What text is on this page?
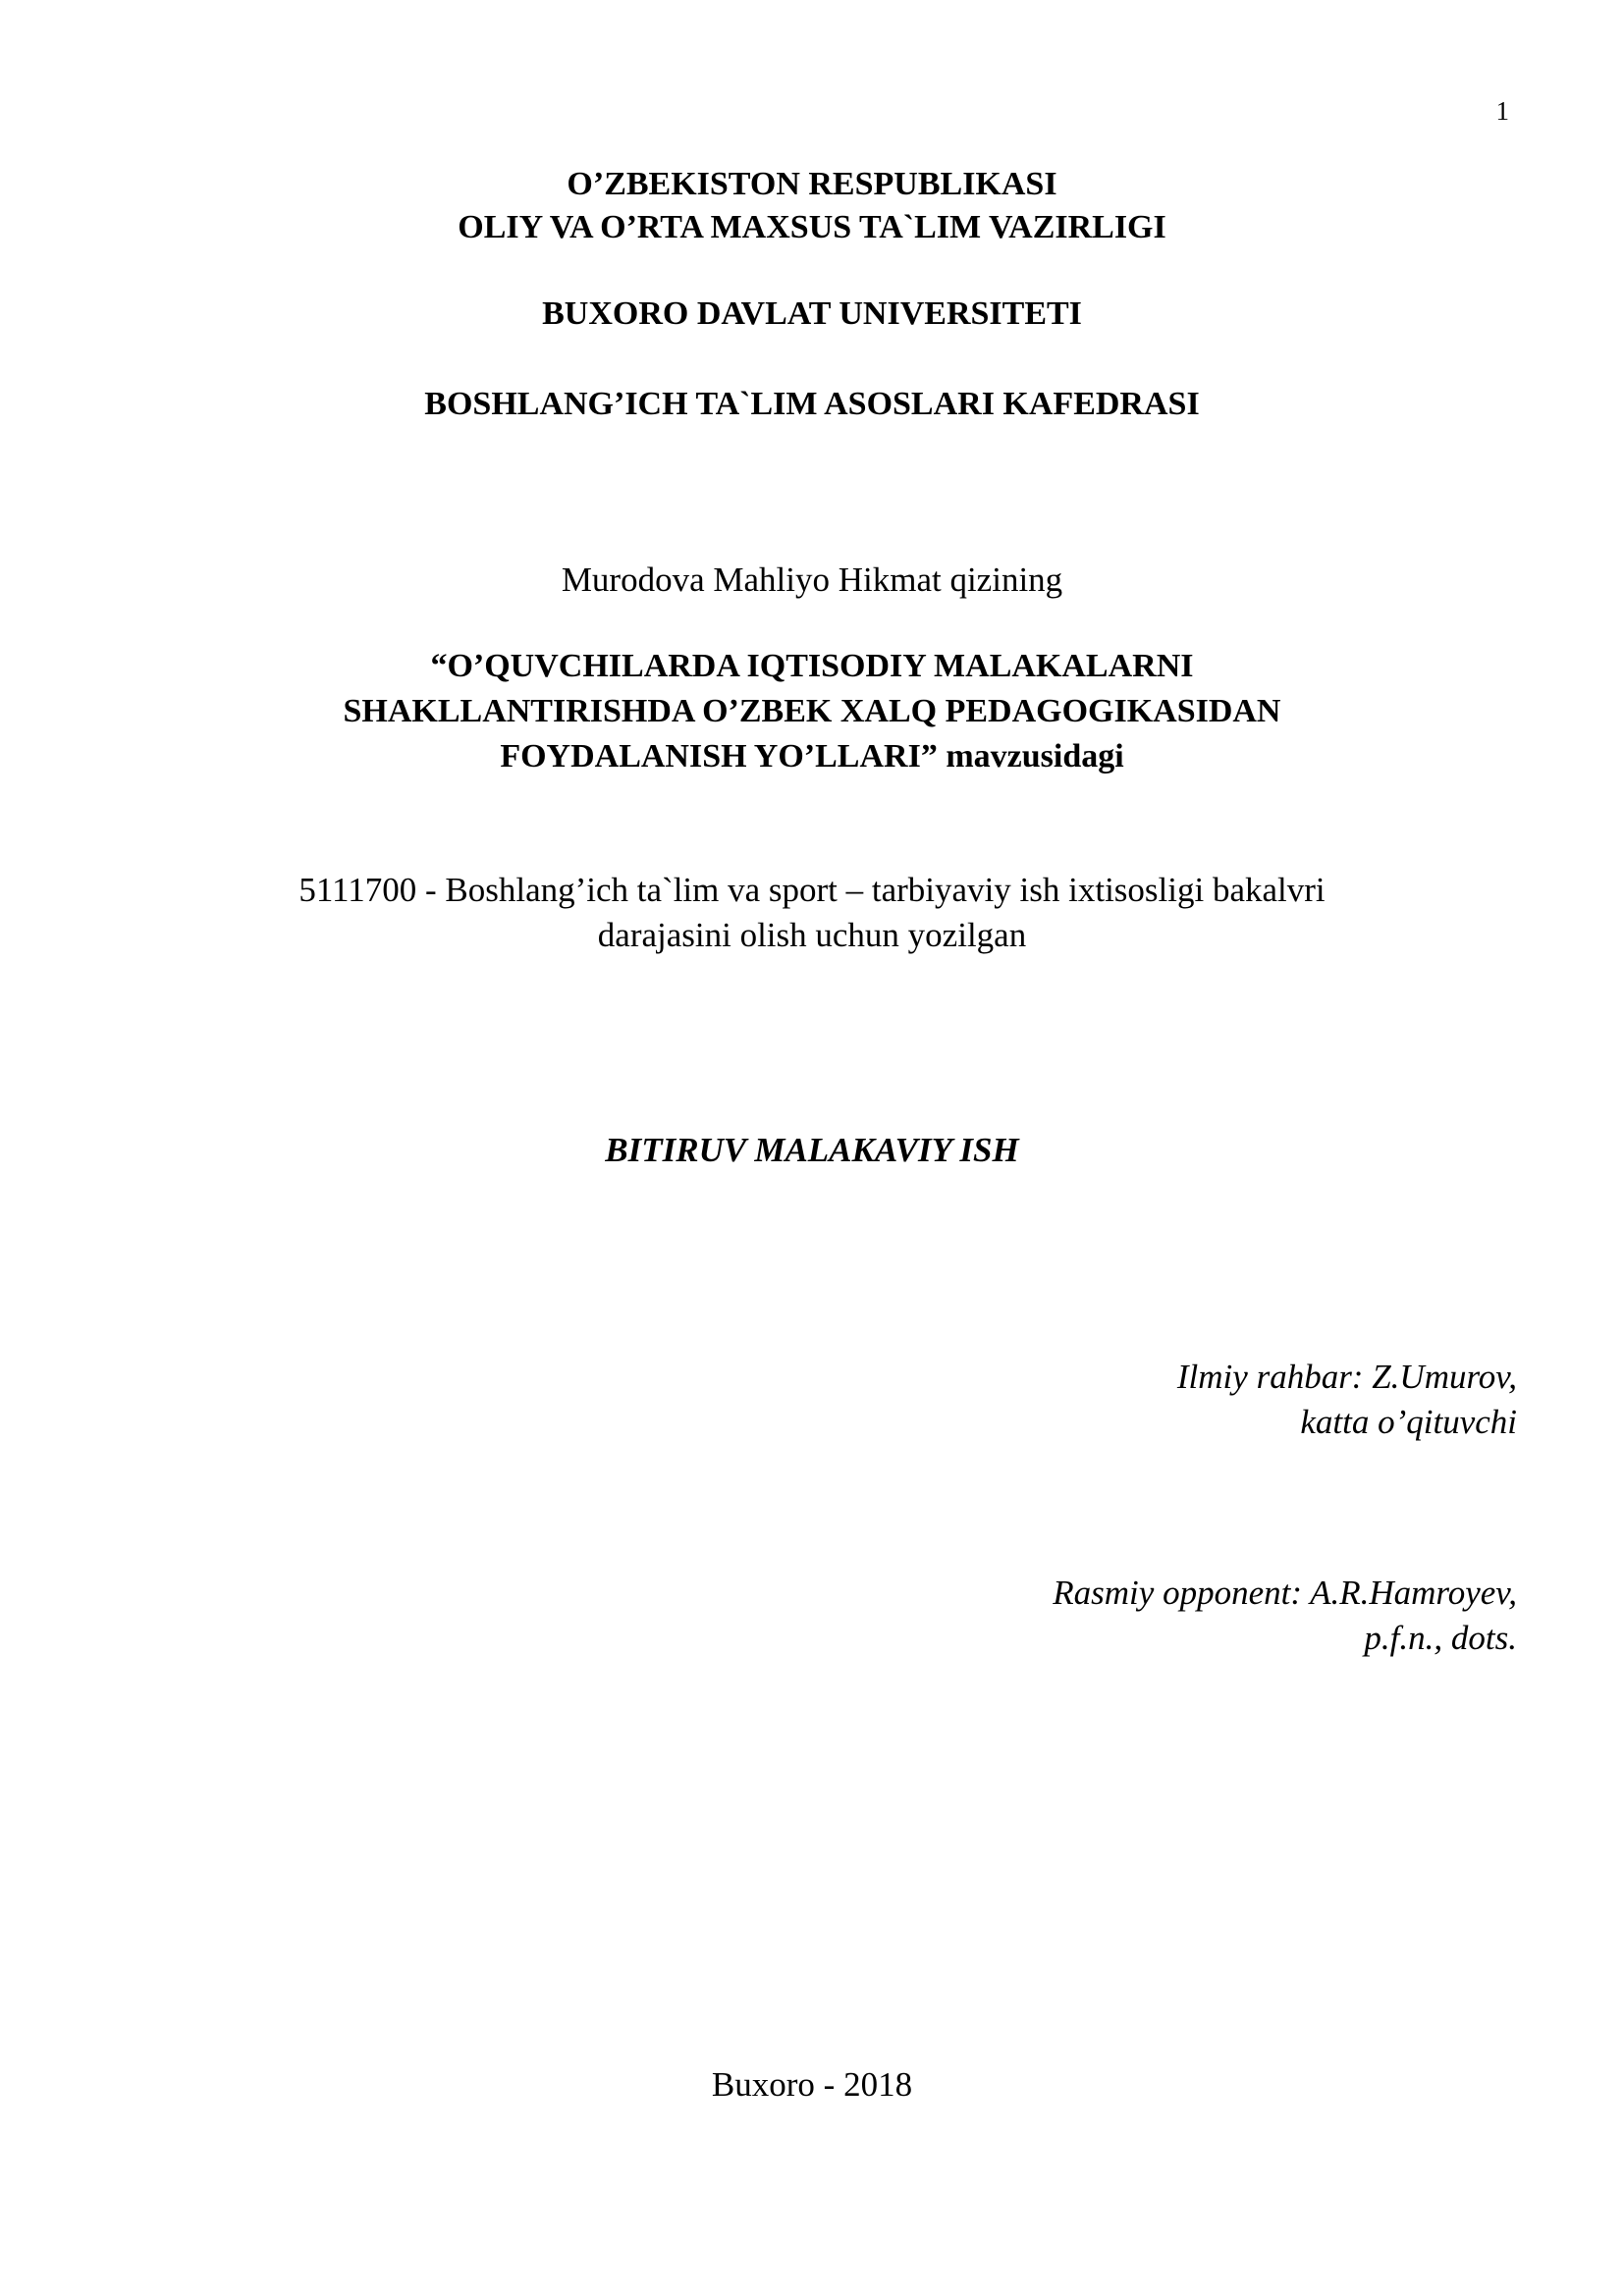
1
O’ZBEKISTON RESPUBLIKASI
OLIY VA O’RTA MAXSUS TA`LIM VAZIRLIGI
BUXORO DAVLAT UNIVERSITETI
BOSHLANG’ICH TA`LIM ASOSLARI KAFEDRASI
Murodova Mahliyo Hikmat qizining
“O’QUVCHILARDA IQTISODIY MALAKALARNI
SHAKLLANTIRISHDA O’ZBEK XALQ PEDAGOGIKASIDAN
FOYDALANISH YO’LLARI” mavzusidagi
5111700 - Boshlang’ich ta`lim va sport – tarbiyaviy ish ixtisosligi bakalvri
darajasini olish uchun yozilgan
BITIRUV MALAKAVIY ISH
Ilmiy rahbar: Z.Umurov,
katta o’qituvchi
Rasmiy opponent: A.R.Hamroyev,
p.f.n., dots.
Buxoro - 2018
